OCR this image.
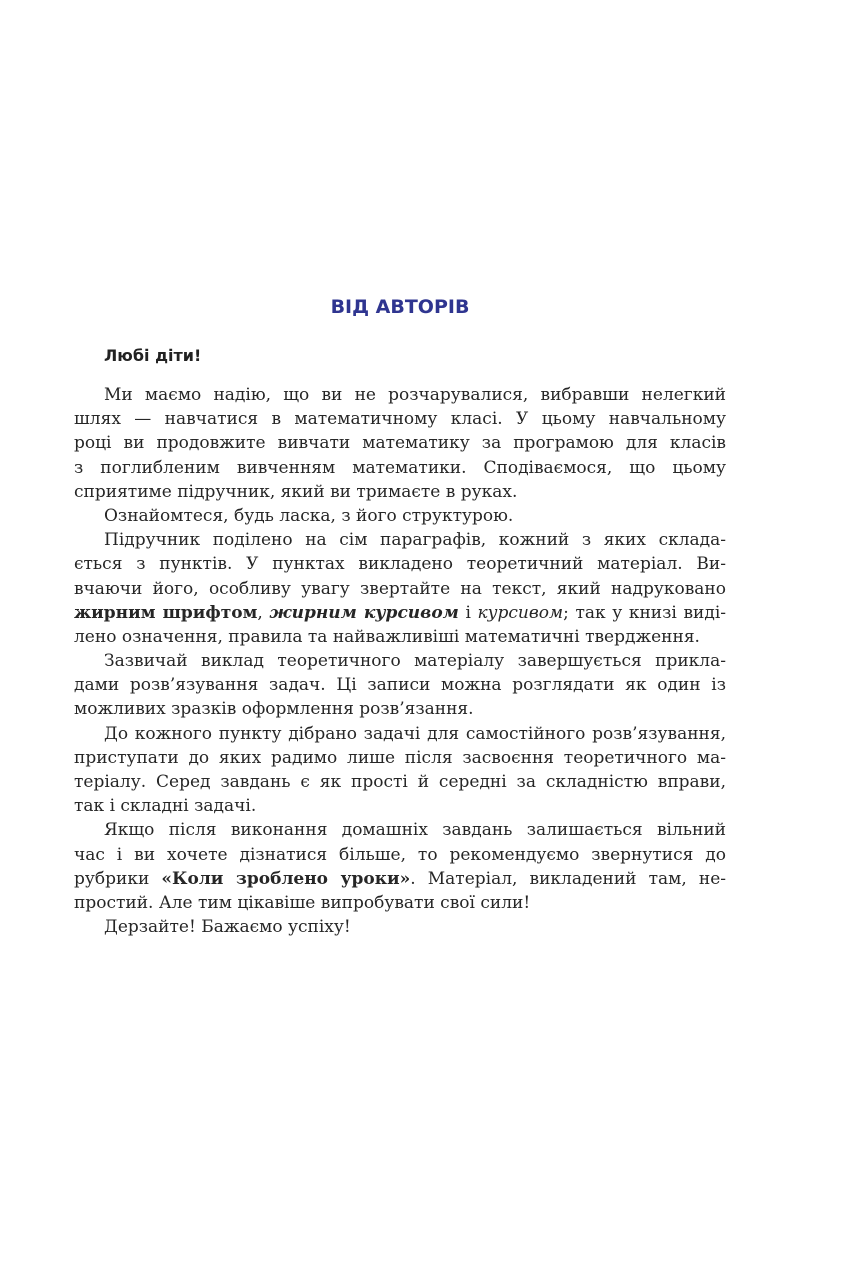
ВІД АВТОРІВ
Любі діти!
Ми маємо надію, що ви не розчарувалися, вибравши нелегкий
шлях — навчатися в математичному класі. У цьому навчальному
році ви продовжите вивчати математику за програмою для класів
з поглибленим вивченням математики. Сподіваємося, що цьому
сприятиме підручник, який ви тримаєте в руках.
Ознайомтеся, будь ласка, з його структурою.
Підручник поділено на сім параграфів, кожний з яких склада-
ється з пунктів. У пунктах викладено теоретичний матеріал. Ви-
вчаючи його, особливу увагу звертайте на текст, який надруковано
жирним шрифтом, жирним курсивом і курсивом; так у книзі виді-
лено означення, правила та найважливіші математичні твердження.
Зазвичай виклад теоретичного матеріалу завершується прикла-
дами розв’язування задач. Ці записи можна розглядати як один із
можливих зразків оформлення розв’язання.
До кожного пункту дібрано задачі для самостійного розв’язування,
приступати до яких радимо лише після засвоєння теоретичного ма-
теріалу. Серед завдань є як прості й середні за складністю вправи,
так і складні задачі.
Якщо після виконання домашніх завдань залишається вільний
час і ви хочете дізнатися більше, то рекомендуємо звернутися до
рубрики «Коли зроблено уроки». Матеріал, викладений там, не-
простий. Але тим цікавіше випробувати свої сили!
Дерзайте! Бажаємо успіху!
